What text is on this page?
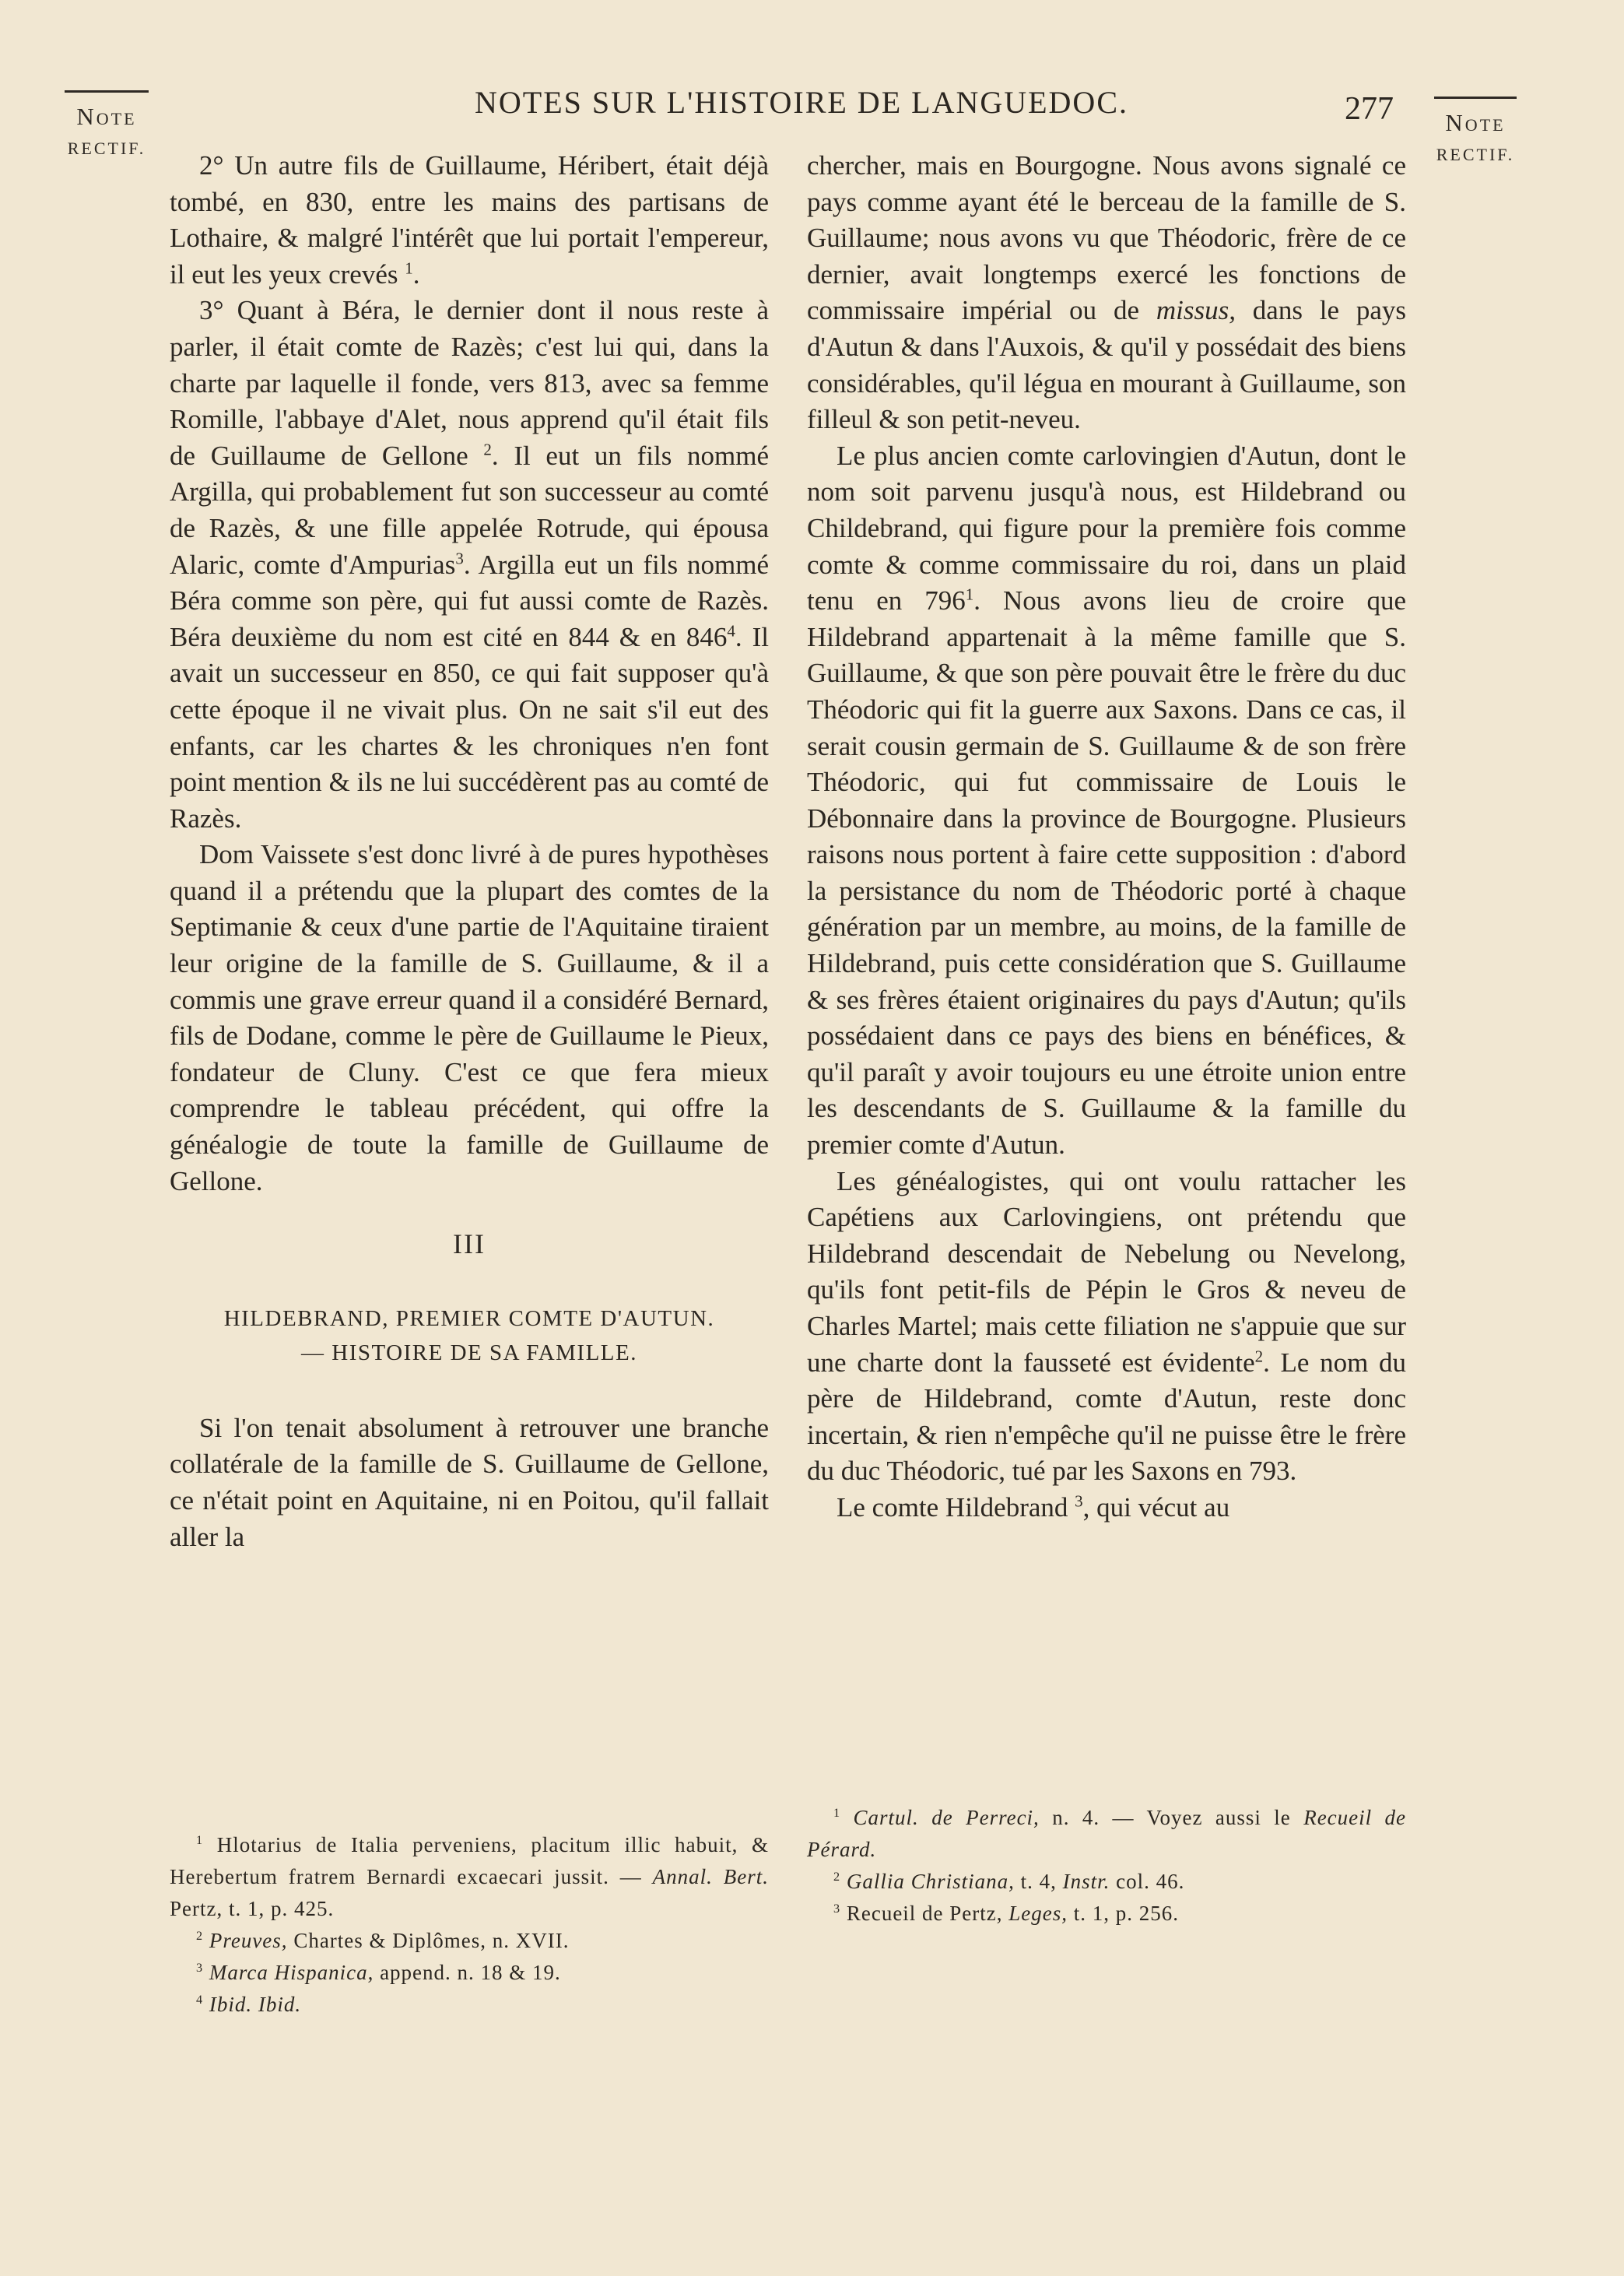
Note
RECTIF.
Note
RECTIF.
NOTES SUR L'HISTOIRE DE LANGUEDOC.	277

2° Un autre fils de Guillaume, Héribert, était déjà tombé, en 830, entre les mains des partisans de Lothaire, & malgré l'intérêt que lui portait l'empereur, il eut les yeux crevés $^1$.

3° Quant à Béra, le dernier dont il nous reste à parler, il était comte de Razès; c'est lui qui, dans la charte par laquelle il fonde, vers 813, avec sa femme Romille, l'abbaye d'Alet, nous apprend qu'il était fils de Guillaume de Gellone $^2$. Il eut un fils nommé Argilla, qui probablement fut son successeur au comté de Razès, & une fille appelée Rotrude, qui épousa Alaric, comte d'Ampurias$^3$. Argilla eut un fils nommé Béra comme son père, qui fut aussi comte de Razès. Béra deuxième du nom est cité en 844 & en $846^4$. Il avait un successeur en 850, ce qui fait supposer qu'à cette époque il ne vivait plus. On ne sait s'il eut des enfants, car les chartes & les chroniques n'en font point mention & ils ne lui succédèrent pas au comté de Razès.

Dom Vaissete s'est donc livré à de pures hypothèses quand il a prétendu que la plupart des comtes de la Septimanie & ceux d'une partie de l'Aquitaine tiraient leur origine de la famille de S. Guillaume, & il a commis une grave erreur quand il a considéré Bernard, fils de Dodane, comme le père de Guillaume le Pieux, fondateur de Cluny. C'est ce que fera mieux comprendre le tableau précédent, qui offre la généalogie de toute la famille de Guillaume de Gellone.

III
HILDEBRAND, PREMIER COMTE D'AUTUN.
— HISTOIRE DE SA FAMILLE.

Si l'on tenait absolument à retrouver une branche collatérale de la famille de S. Guillaume de Gellone, ce n'était point en Aquitaine, ni en Poitou, qu'il fallait aller la

chercher, mais en Bourgogne. Nous avons signalé ce pays comme ayant été le berceau de la famille de S. Guillaume; nous avons vu que Théodoric, frère de ce dernier, avait longtemps exercé les fonctions de commissaire impérial ou de missus, dans le pays d'Autun & dans l'Auxois, & qu'il y possédait des biens considérables, qu'il légua en mourant à Guillaume, son filleul & son petit-neveu.

Le plus ancien comte carlovingien d'Autun, dont le nom soit parvenu jusqu'à nous, est Hildebrand ou Childebrand, qui figure pour la première fois comme comte & comme commissaire du roi, dans un plaid tenu en $796^1$. Nous avons lieu de croire que Hildebrand appartenait à la même famille que S. Guillaume, & que son père pouvait être le frère du duc Théodoric qui fit la guerre aux Saxons. Dans ce cas, il serait cousin germain de S. Guillaume & de son frère Théodoric, qui fut commissaire de Louis le Débonnaire dans la province de Bourgogne. Plusieurs raisons nous portent à faire cette supposition : d'abord la persistance du nom de Théodoric porté à chaque génération par un membre, au moins, de la famille de Hildebrand, puis cette considération que S. Guillaume & ses frères étaient originaires du pays d'Autun; qu'ils possédaient dans ce pays des biens en bénéfices, & qu'il paraît y avoir toujours eu une étroite union entre les descendants de S. Guillaume & la famille du premier comte d'Autun.

Les généalogistes, qui ont voulu rattacher les Capétiens aux Carlovingiens, ont prétendu que Hildebrand descendait de Nebelung ou Nevelong, qu'ils font petit-fils de Pépin le Gros & neveu de Charles Martel; mais cette filiation ne s'appuie que sur une charte dont la fausseté est évidente$^2$. Le nom du père de Hildebrand, comte d'Autun, reste donc incertain, & rien n'empêche qu'il ne puisse être le frère du duc Théodoric, tué par les Saxons en 793.

Le comte Hildebrand $^3$, qui vécut au

$^1$ Hlotarius de Italia perveniens, placitum illic habuit, & Herebertum fratrem Bernardi excaecari jussit. — Annal. Bert. Pertz, t. 1, p. 425.

$^2$ Preuves, Chartes & Diplômes, n. XVII.

$^3$ Marca Hispanica, append. n. 18 & 19.

$^4$ Ibid. Ibid.

$^1$ Cartul. de Perreci, n. 4. — Voyez aussi le Recueil de Pérard.

$^2$ Gallia Christiana, t. 4, Instr. col. 46.

$^3$ Recueil de Pertz, Leges, t. 1, p. 256.
